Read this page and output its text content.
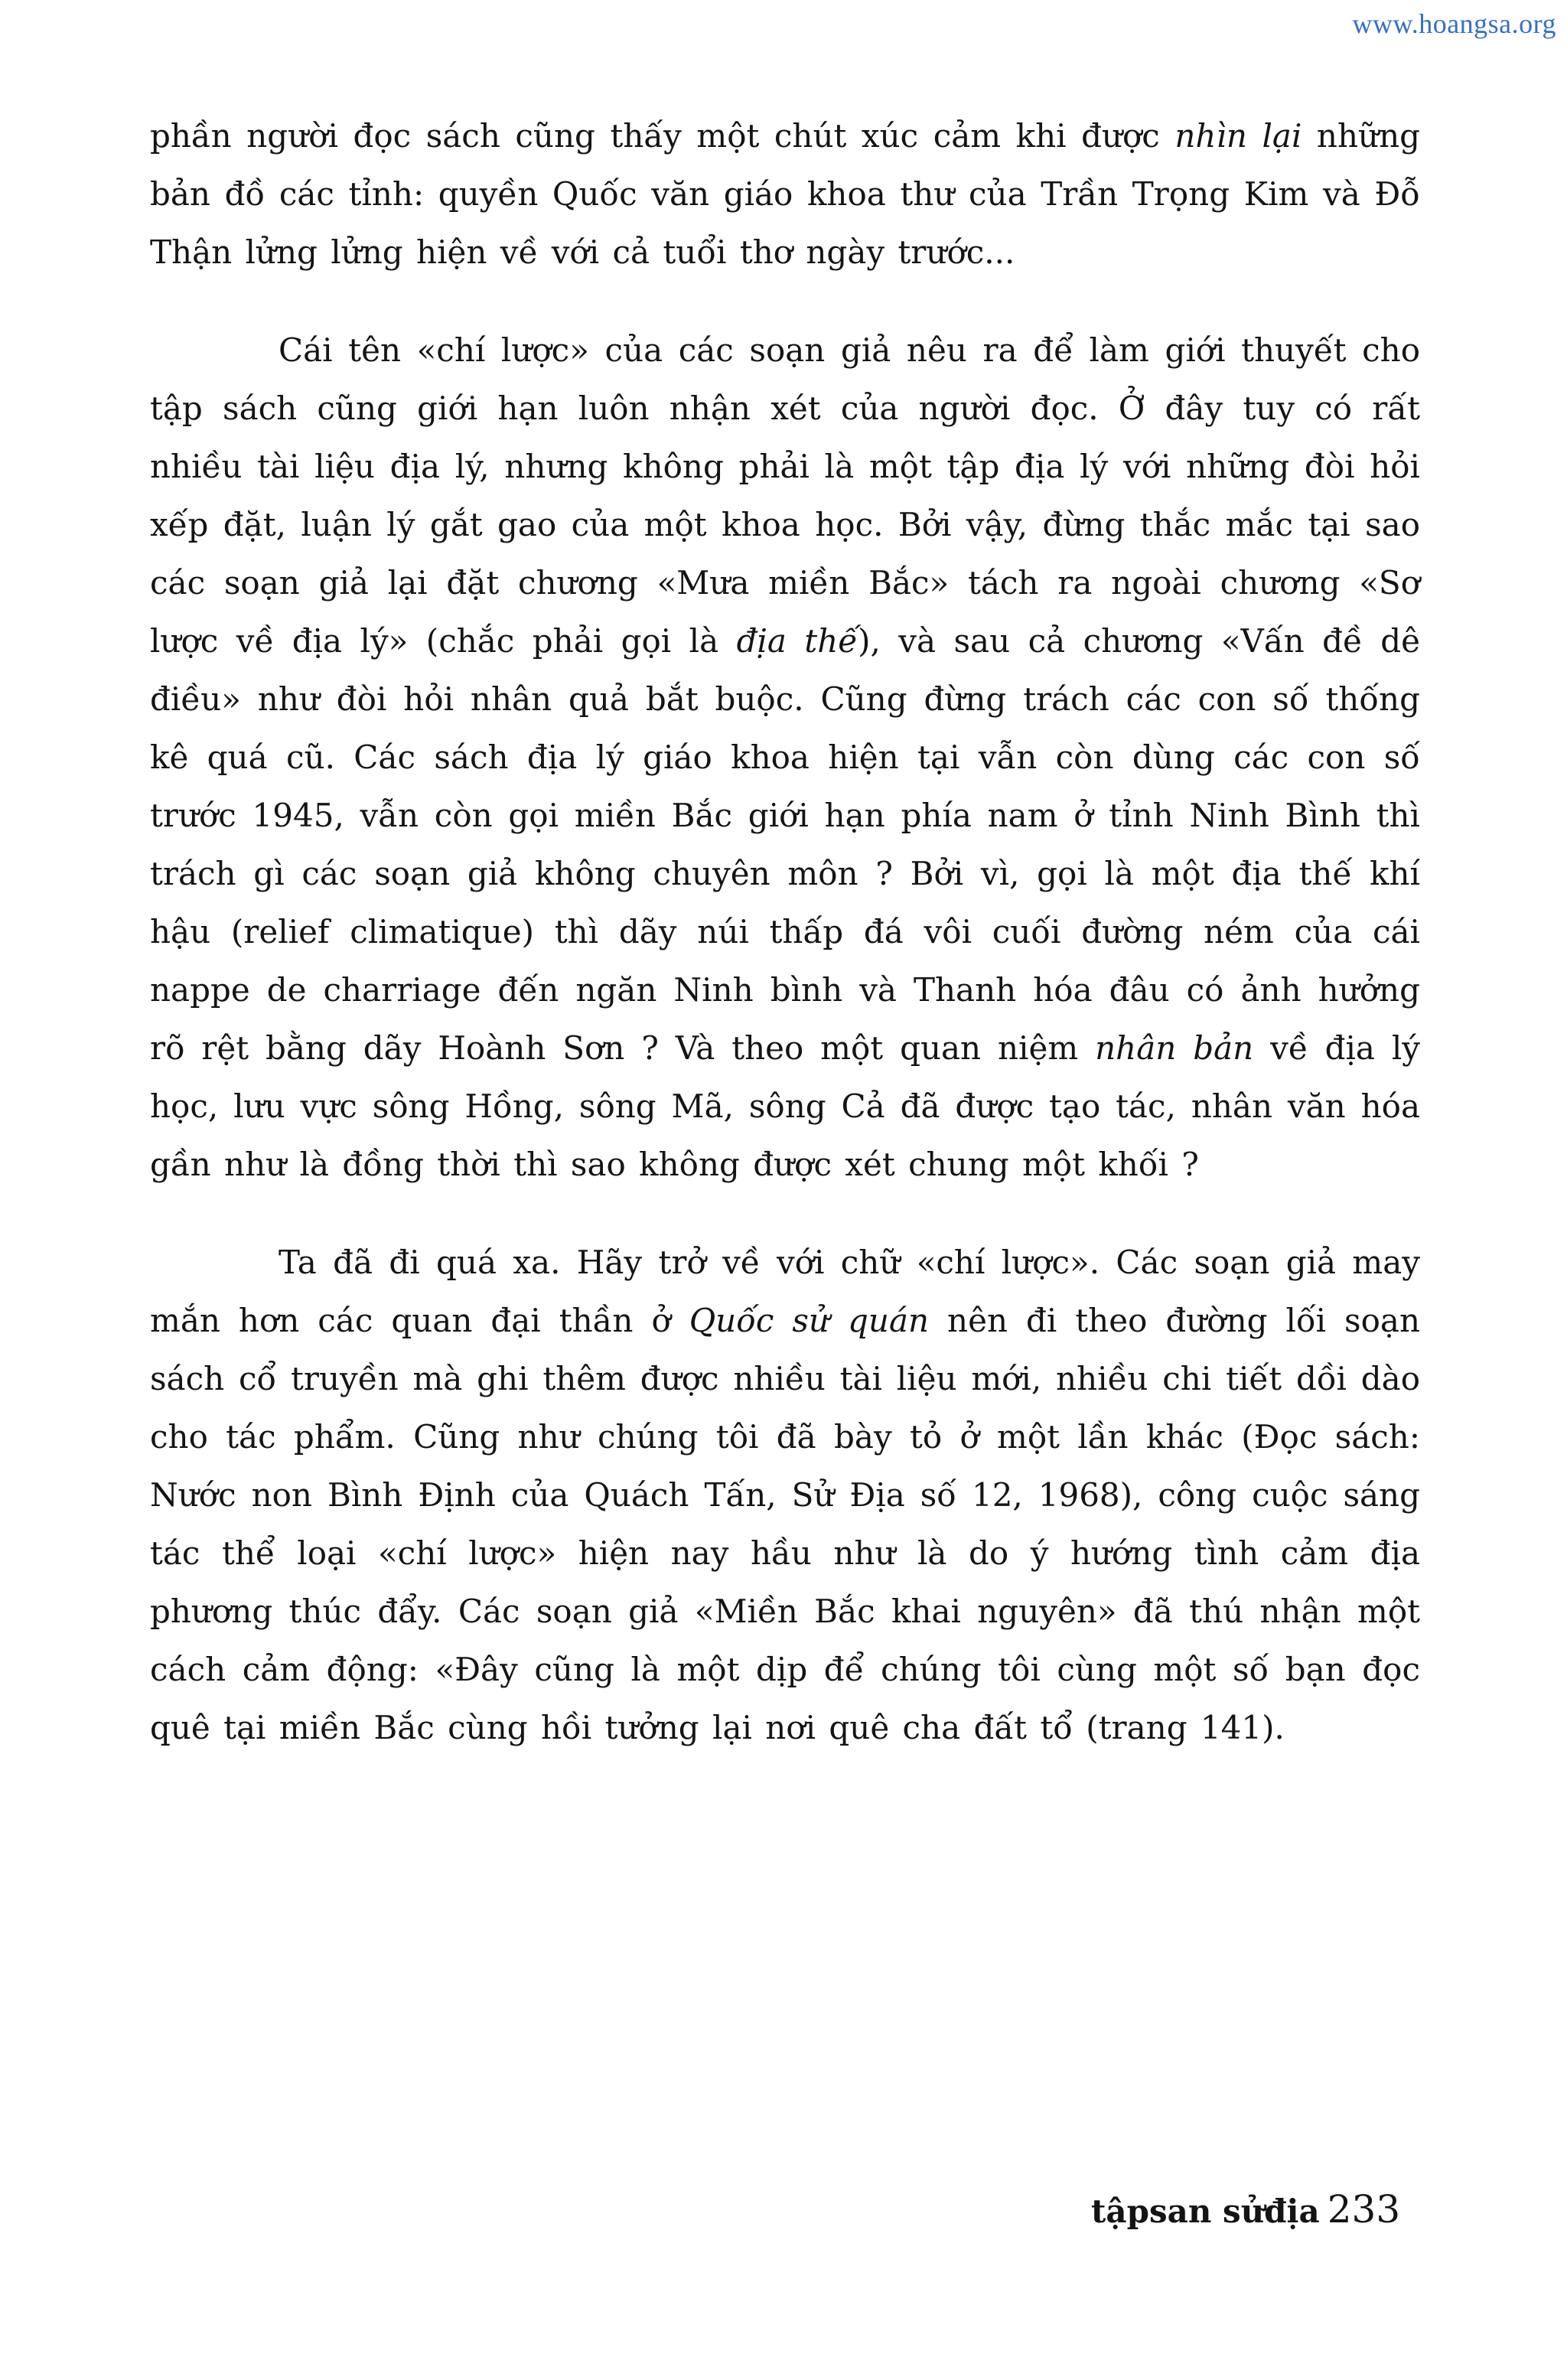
www.hoangsa.org

phần người đọc sách cũng thấy một chút xúc cảm khi được nhìn lại những bản đồ các tỉnh: quyền Quốc văn giáo khoa thư của Trần Trọng Kim và Đỗ Thận lửng lửng hiện về với cả tuổi thơ ngày trước...

Cái tên «chí lược» của các soạn giả nêu ra để làm giới thuyết cho tập sách cũng giới hạn luôn nhận xét của người đọc. Ở đây tuy có rất nhiều tài liệu địa lý, nhưng không phải là một tập địa lý với những đòi hỏi xếp đặt, luận lý gắt gao của một khoa học. Bởi vậy, đừng thắc mắc tại sao các soạn giả lại đặt chương «Mưa miền Bắc» tách ra ngoài chương «Sơ lược về địa lý» (chắc phải gọi là địa thế), và sau cả chương «Vấn đề dê điều» như đòi hỏi nhân quả bắt buộc. Cũng đừng trách các con số thống kê quá cũ. Các sách địa lý giáo khoa hiện tại vẫn còn dùng các con số trước 1945, vẫn còn gọi miền Bắc giới hạn phía nam ở tỉnh Ninh Bình thì trách gì các soạn giả không chuyên môn ? Bởi vì, gọi là một địa thế khí hậu (relief climatique) thì dãy núi thấp đá vôi cuối đường ném của cái nappe de charriage đến ngăn Ninh bình và Thanh hóa đâu có ảnh hưởng rõ rệt bằng dãy Hoành Sơn ? Và theo một quan niệm nhân bản về địa lý học, lưu vực sông Hồng, sông Mã, sông Cả đã được tạo tác, nhân văn hóa gần như là đồng thời thì sao không được xét chung một khối ?

Ta đã đi quá xa. Hãy trở về với chữ «chí lược». Các soạn giả may mắn hơn các quan đại thần ở Quốc sử quán nên đi theo đường lối soạn sách cổ truyền mà ghi thêm được nhiều tài liệu mới, nhiều chi tiết dồi dào cho tác phẩm. Cũng như chúng tôi đã bày tỏ ở một lần khác (Đọc sách: Nước non Bình Định của Quách Tấn, Sử Địa số 12, 1968), công cuộc sáng tác thể loại «chí lược» hiện nay hầu như là do ý hướng tình cảm địa phương thúc đẩy. Các soạn giả «Miền Bắc khai nguyên» đã thú nhận một cách cảm động: «Đây cũng là một dịp để chúng tôi cùng một số bạn đọc quê tại miền Bắc cùng hồi tưởng lại nơi quê cha đất tổ (trang 141).

tậpsan sửđịa 233
